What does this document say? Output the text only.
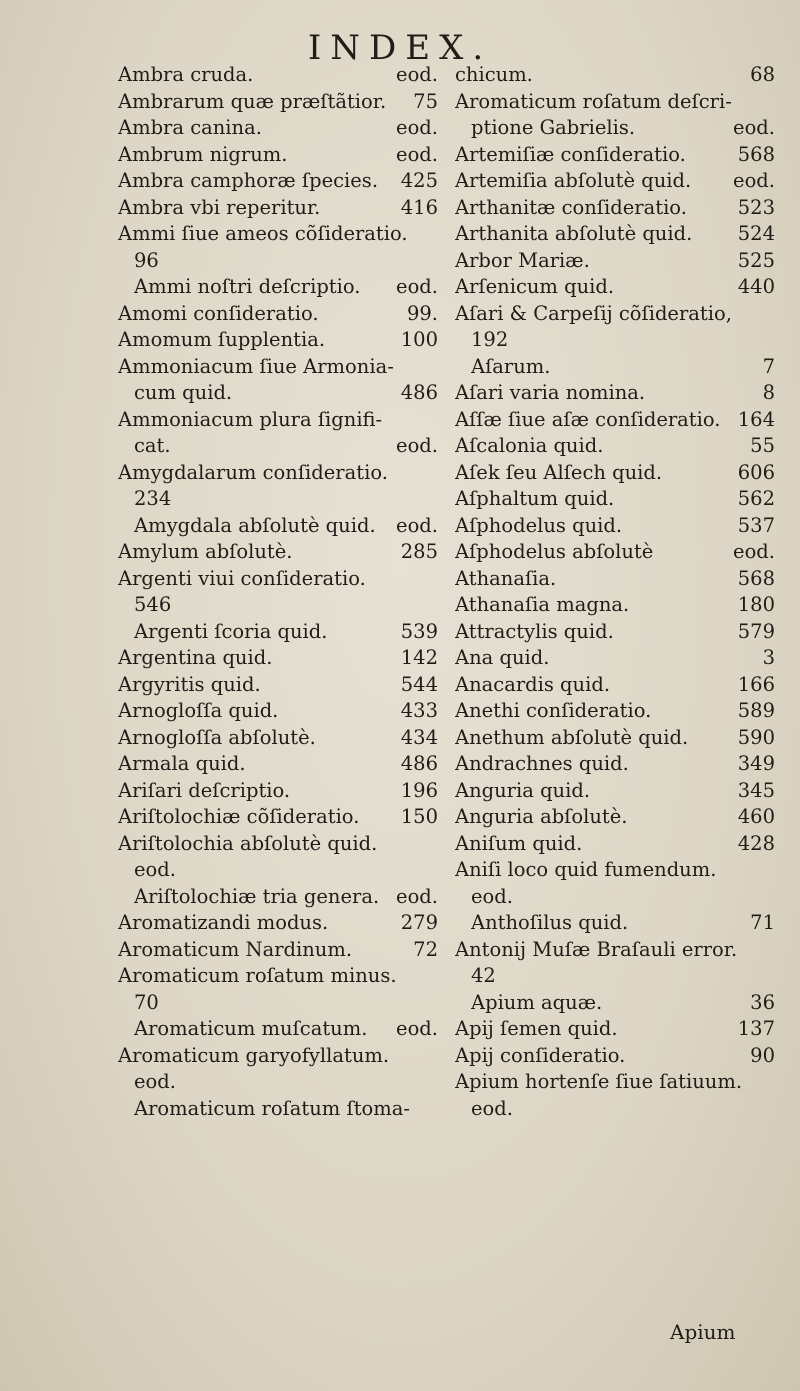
INDEX.
Ambra cruda.	eod.
Ambrarum quæ præſtãtior.	75
Ambra canina.	eod.
Ambrum nigrum.	eod.
Ambra camphoræ ſpecies.	425
Ambra vbi reperitur.	416
Ammi ſiue ameos cõſideratio.
96
Ammi noſtri deſcriptio.	eod.
Amomi conſideratio.	99.
Amomum ſupplentia.	100
Ammoniacum ſiue Armonia-
cum quid.	486
Ammoniacum plura ſignifi-
cat.	eod.
Amygdalarum conſideratio.
234
Amygdala abſolutè quid.	eod.
Amylum abſolutè.	285
Argenti viui conſideratio.
546
Argenti ſcoria quid.	539
Argentina quid.	142
Argyritis quid.	544
Arnogloſſa quid.	433
Arnogloſſa abſolutè.	434
Armala quid.	486
Ariſari deſcriptio.	196
Ariſtolochiæ cõſideratio.	150
Ariſtolochia abſolutè quid.
eod.
Ariſtolochiæ tria genera. eod.
Aromatizandi modus.	279
Aromaticum Nardinum.	72
Aromaticum roſatum minus.
70
Aromaticum muſcatum.	eod.
Aromaticum garyofyllatum.
eod.
Aromaticum roſatum ſtoma-
chicum.	68
Aromaticum roſatum deſcri-
ptione Gabrielis.	eod.
Artemiſiæ conſideratio.	568
Artemiſia abſolutè quid.	eod.
Arthanitæ conſideratio.	523
Arthanita abſolutè quid.	524
Arbor Mariæ.	525
Arſenicum quid.	440
Aſari & Carpeſij cõſideratio,
192
Aſarum.	7
Aſari varia nomina.	8
Aſſæ ſiue aſæ conſideratio. 164
Aſcalonia quid.	55
Aſek ſeu Alſech quid.	606
Aſphaltum quid.	562
Aſphodelus quid.	537
Aſphodelus abſolutè	eod.
Athanaſia.	568
Athanaſia magna.	180
Attractylis quid.	579
Ana quid.	3
Anacardis quid.	166
Anethi conſideratio.	589
Anethum abſolutè quid.	590
Andrachnes quid.	349
Anguria quid.	345
Anguria abſolutè.	460
Aniſum quid.	428
Aniſi loco quid fumendum.
eod.
Anthoſilus quid.	71
Antonij Muſæ Braſauli error.
42
Apium aquæ.	36
Apij ſemen quid.	137
Apij conſideratio.	90
Apium hortenſe ſiue ſatiuum.
eod.
Apium
